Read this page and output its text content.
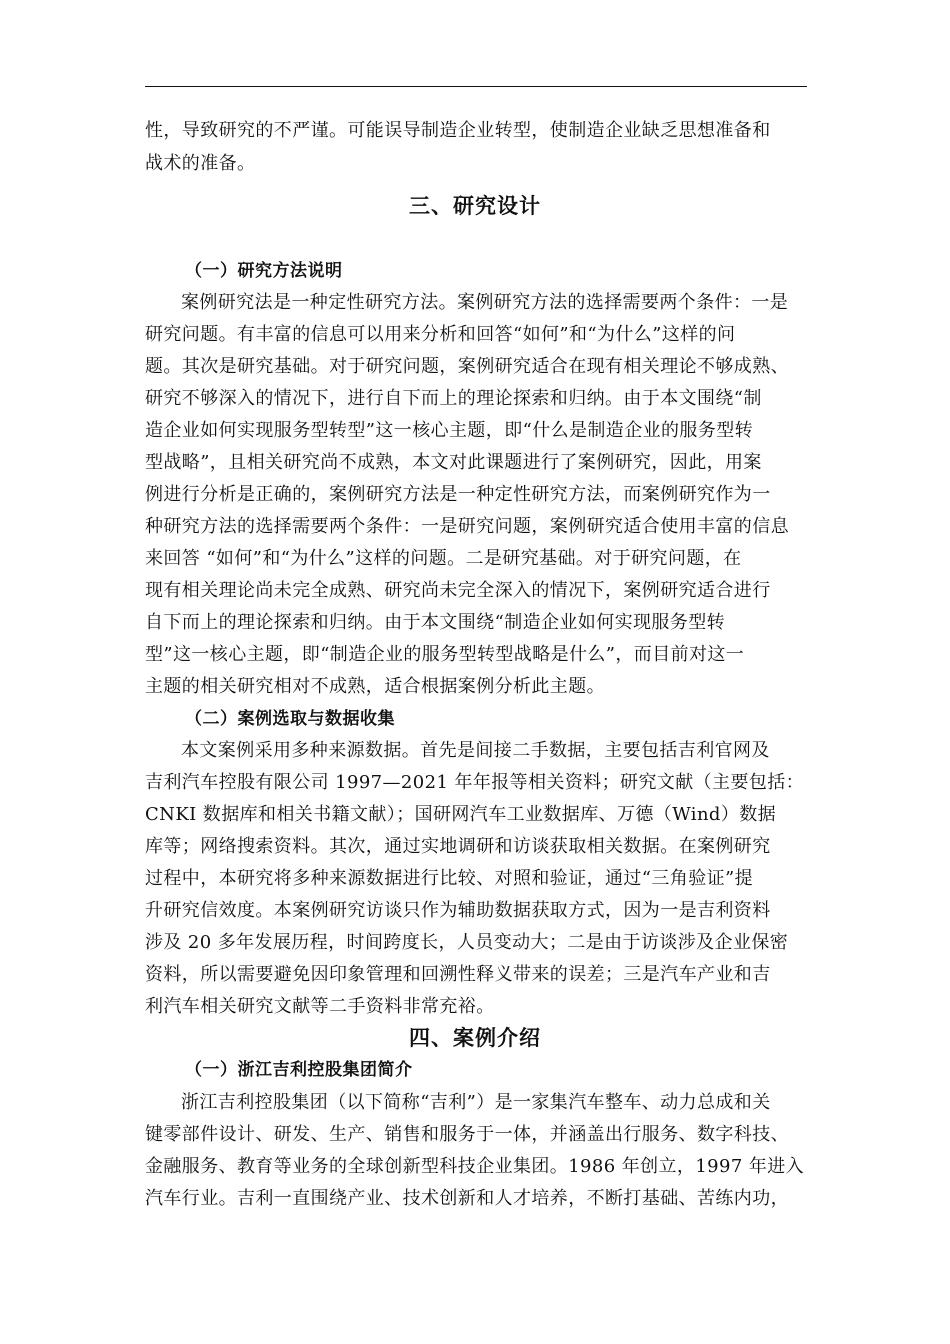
性，导致研究的不严谨。可能误导制造企业转型，使制造企业缺乏思想准备和
战术的准备。
三、研究设计
（一）研究方法说明
案例研究法是一种定性研究方法。案例研究方法的选择需要两个条件：一是
研究问题。有丰富的信息可以用来分析和回答“如何”和“为什么”这样的问
题。其次是研究基础。对于研究问题，案例研究适合在现有相关理论不够成熟、
研究不够深入的情况下，进行自下而上的理论探索和归纳。由于本文围绕“制
造企业如何实现服务型转型”这一核心主题，即“什么是制造企业的服务型转
型战略”，且相关研究尚不成熟，本文对此课题进行了案例研究，因此，用案
例进行分析是正确的，案例研究方法是一种定性研究方法，而案例研究作为一
种研究方法的选择需要两个条件：一是研究问题，案例研究适合使用丰富的信息
来回答 “如何”和“为什么”这样的问题。二是研究基础。对于研究问题，在
现有相关理论尚未完全成熟、研究尚未完全深入的情况下，案例研究适合进行
自下而上的理论探索和归纳。由于本文围绕“制造企业如何实现服务型转
型”这一核心主题，即“制造企业的服务型转型战略是什么”，而目前对这一
主题的相关研究相对不成熟，适合根据案例分析此主题。
（二）案例选取与数据收集
本文案例采用多种来源数据。首先是间接二手数据，主要包括吉利官网及
吉利汽车控股有限公司 1997—2021 年年报等相关资料；研究文献（主要包括：
CNKI 数据库和相关书籍文献）；国研网汽车工业数据库、万德（Wind）数据
库等；网络搜索资料。其次，通过实地调研和访谈获取相关数据。在案例研究
过程中，本研究将多种来源数据进行比较、对照和验证，通过“三角验证”提
升研究信效度。本案例研究访谈只作为辅助数据获取方式，因为一是吉利资料
涉及 20 多年发展历程，时间跨度长，人员变动大；二是由于访谈涉及企业保密
资料，所以需要避免因印象管理和回溯性释义带来的误差；三是汽车产业和吉
利汽车相关研究文献等二手资料非常充裕。
四、案例介绍
（一）浙江吉利控股集团简介
浙江吉利控股集团（以下简称“吉利”）是一家集汽车整车、动力总成和关
键零部件设计、研发、生产、销售和服务于一体，并涵盖出行服务、数字科技、
金融服务、教育等业务的全球创新型科技企业集团。1986 年创立，1997 年进入
汽车行业。吉利一直围绕产业、技术创新和人才培养，不断打基础、苦练内功，
